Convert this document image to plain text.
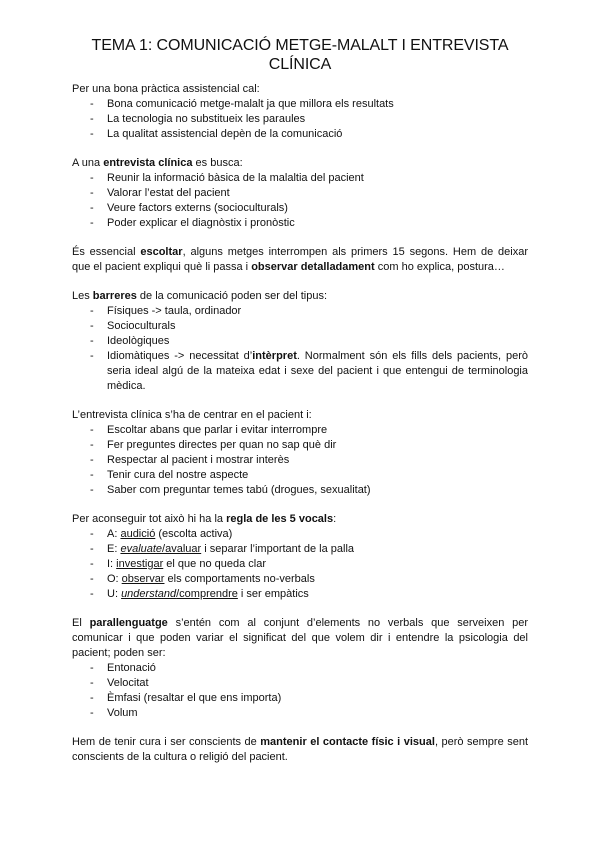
TEMA 1: COMUNICACIÓ METGE-MALALT I ENTREVISTA CLÍNICA

Per una bona pràctica assistencial cal:

- Bona comunicació metge-malalt ja que millora els resultats
- La tecnologia no substitueix les paraules
- La qualitat assistencial depèn de la comunicació

A una entrevista clínica es busca:

- Reunir la informació bàsica de la malaltia del pacient
- Valorar l’estat del pacient
- Veure factors externs (socioculturals)
- Poder explicar el diagnòstix i pronòstic

És essencial escoltar, alguns metges interrompen als primers 15 segons. Hem de deixar que el pacient expliqui què li passa i observar detalladament com ho explica, postura…

Les barreres de la comunicació poden ser del tipus:

- Físiques -> taula, ordinador
- Socioculturals
- Ideològiques
- Idiomàtiques -> necessitat d’intèrpret. Normalment són els fills dels pacients, però seria ideal algú de la mateixa edat i sexe del pacient i que entengui de terminologia mèdica.

L’entrevista clínica s’ha de centrar en el pacient i:

- Escoltar abans que parlar i evitar interrompre
- Fer preguntes directes per quan no sap què dir
- Respectar al pacient i mostrar interès
- Tenir cura del nostre aspecte
- Saber com preguntar temes tabú (drogues, sexualitat)

Per aconseguir tot això hi ha la regla de les 5 vocals:

- A: audició (escolta activa)
- E: evaluate/avaluar i separar l’important de la palla
- I: investigar el que no queda clar
- O: observar els comportaments no-verbals
- U: understand/comprendre i ser empàtics

El parallenguatge s’entén com al conjunt d’elements no verbals que serveixen per comunicar i que poden variar el significat del que volem dir i entendre la psicologia del pacient; poden ser:

- Entonació
- Velocitat
- Èmfasi (resaltar el que ens importa)
- Volum

Hem de tenir cura i ser conscients de mantenir el contacte físic i visual, però sempre sent conscients de la cultura o religió del pacient.
